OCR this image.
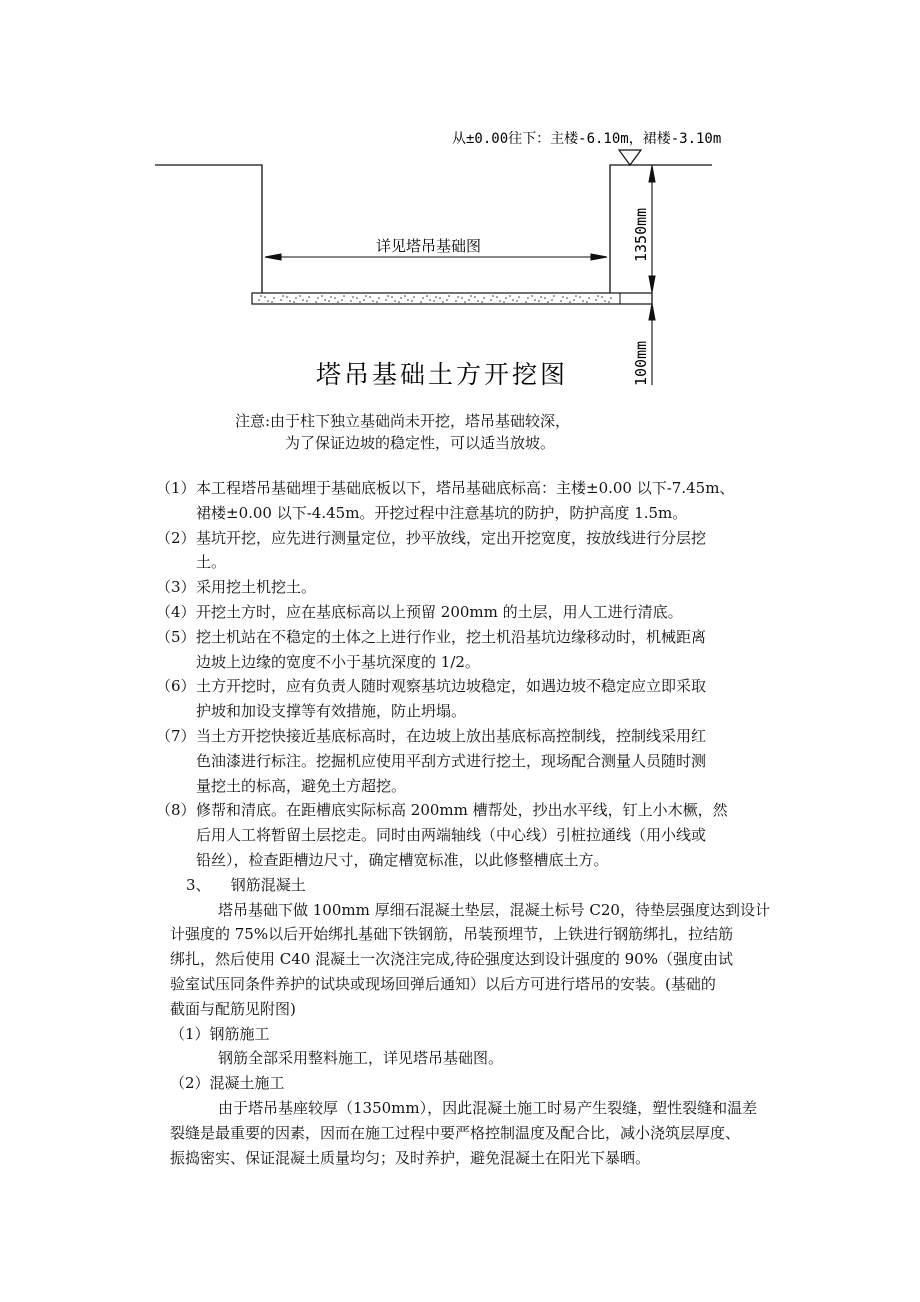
从±0.00往下：主楼-6.10m，裙楼-3.10m
详见塔吊基础图	1350mm
100mm
塔吊基础土方开挖图
注意:由于柱下独立基础尚未开挖，塔吊基础较深，
为了保证边坡的稳定性，可以适当放坡。
（1） 本工程塔吊基础埋于基础底板以下，塔吊基础底标高：主楼±0.00 以下-7.45m、
裙楼±0.00 以下-4.45m。开挖过程中注意基坑的防护，防护高度 1.5m。
（2） 基坑开挖，应先进行测量定位，抄平放线，定出开挖宽度，按放线进行分层挖
土。
（3） 采用挖土机挖土。
（4） 开挖土方时，应在基底标高以上预留 200mm 的土层，用人工进行清底。
（5） 挖土机站在不稳定的土体之上进行作业，挖土机沿基坑边缘移动时，机械距离
边坡上边缘的宽度不小于基坑深度的 1/2。
（6） 土方开挖时，应有负责人随时观察基坑边坡稳定，如遇边坡不稳定应立即采取
护坡和加设支撑等有效措施，防止坍塌。
（7） 当土方开挖快接近基底标高时，在边坡上放出基底标高控制线，控制线采用红
色油漆进行标注。挖掘机应使用平刮方式进行挖土，现场配合测量人员随时测
量挖土的标高，避免土方超挖。
（8） 修帮和清底。在距槽底实际标高 200mm 槽帮处，抄出水平线，钉上小木橛，然
后用人工将暂留土层挖走。同时由两端轴线（中心线）引桩拉通线（用小线或
铅丝），检查距槽边尺寸，确定槽宽标准，以此修整槽底土方。
3、 钢筋混凝土
塔吊基础下做 100mm 厚细石混凝土垫层，混凝土标号 C20，待垫层强度达到设计
计强度的 75%以后开始绑扎基础下铁钢筋，吊装预埋节，上铁进行钢筋绑扎，拉结筋
绑扎，然后使用 C40 混凝土一次浇注完成,待砼强度达到设计强度的 90%（强度由试
验室试压同条件养护的试块或现场回弹后通知）以后方可进行塔吊的安装。(基础的
截面与配筋见附图)
（1）钢筋施工
钢筋全部采用整料施工，详见塔吊基础图。
（2）混凝土施工
由于塔吊基座较厚（1350mm），因此混凝土施工时易产生裂缝，塑性裂缝和温差
裂缝是最重要的因素，因而在施工过程中要严格控制温度及配合比，减小浇筑层厚度、
振捣密实、保证混凝土质量均匀；及时养护，避免混凝土在阳光下暴晒。
